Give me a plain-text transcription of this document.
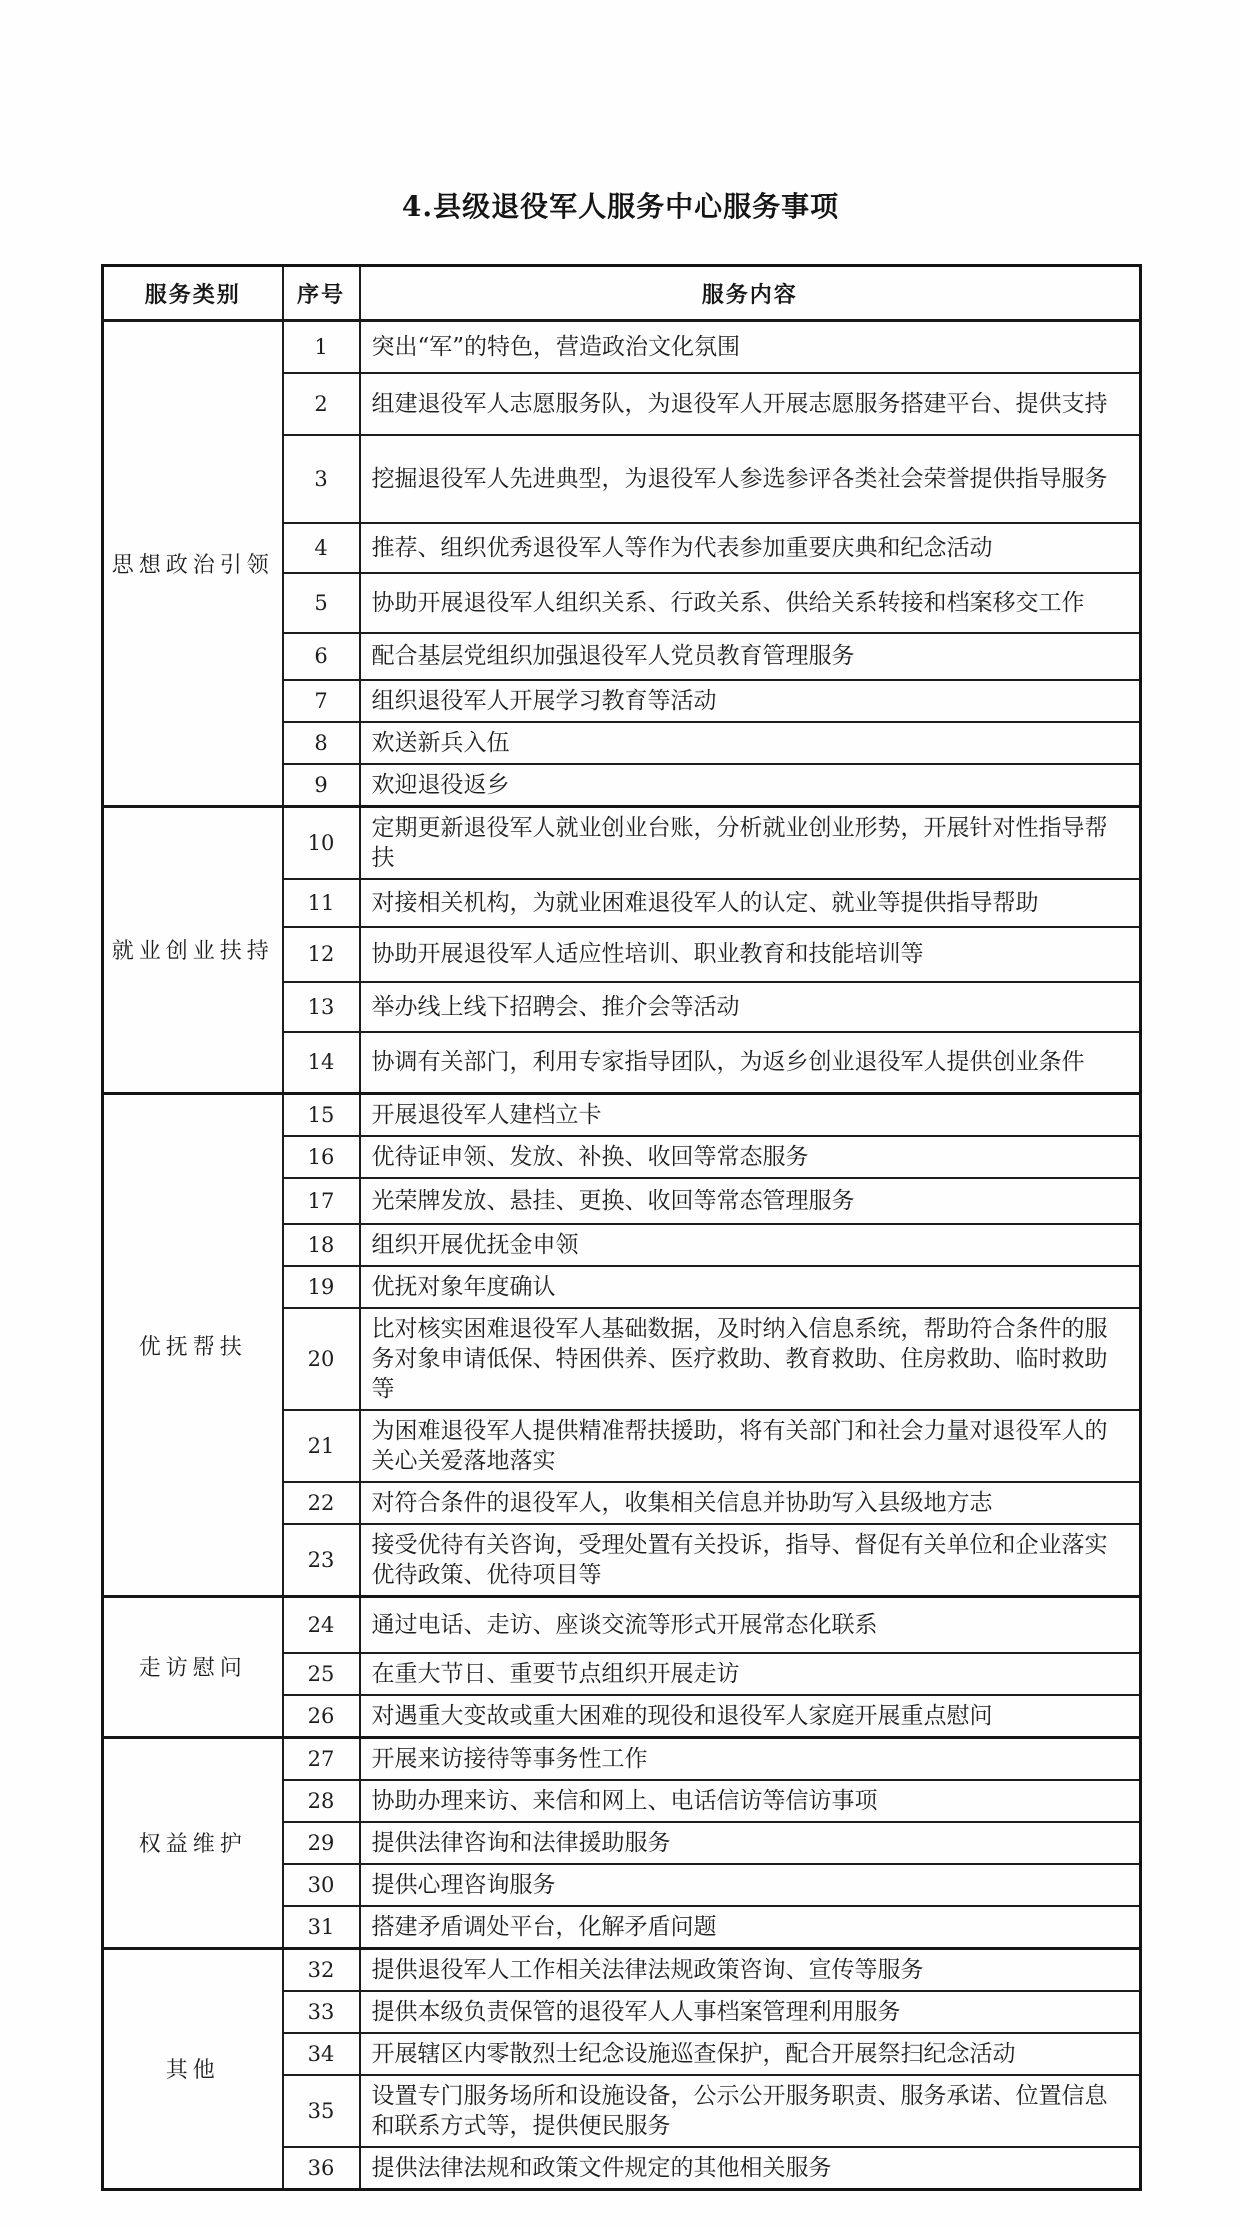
4.县级退役军人服务中心服务事项
服务类别	序号	服务内容
思想政治引领	1	突出“军”的特色，营造政治文化氛围
	2	组建退役军人志愿服务队，为退役军人开展志愿服务搭建平台、提供支持
	3	挖掘退役军人先进典型，为退役军人参选参评各类社会荣誉提供指导服务
	4	推荐、组织优秀退役军人等作为代表参加重要庆典和纪念活动
	5	协助开展退役军人组织关系、行政关系、供给关系转接和档案移交工作
	6	配合基层党组织加强退役军人党员教育管理服务
	7	组织退役军人开展学习教育等活动
	8	欢送新兵入伍
	9	欢迎退役返乡
就业创业扶持	10	定期更新退役军人就业创业台账，分析就业创业形势，开展针对性指导帮扶
	11	对接相关机构，为就业困难退役军人的认定、就业等提供指导帮助
	12	协助开展退役军人适应性培训、职业教育和技能培训等
	13	举办线上线下招聘会、推介会等活动
	14	协调有关部门，利用专家指导团队，为返乡创业退役军人提供创业条件
优抚帮扶	15	开展退役军人建档立卡
	16	优待证申领、发放、补换、收回等常态服务
	17	光荣牌发放、悬挂、更换、收回等常态管理服务
	18	组织开展优抚金申领
	19	优抚对象年度确认
	20	比对核实困难退役军人基础数据，及时纳入信息系统，帮助符合条件的服务对象申请低保、特困供养、医疗救助、教育救助、住房救助、临时救助等
	21	为困难退役军人提供精准帮扶援助，将有关部门和社会力量对退役军人的关心关爱落地落实
	22	对符合条件的退役军人，收集相关信息并协助写入县级地方志
	23	接受优待有关咨询，受理处置有关投诉，指导、督促有关单位和企业落实优待政策、优待项目等
走访慰问	24	通过电话、走访、座谈交流等形式开展常态化联系
	25	在重大节日、重要节点组织开展走访
	26	对遇重大变故或重大困难的现役和退役军人家庭开展重点慰问
权益维护	27	开展来访接待等事务性工作
	28	协助办理来访、来信和网上、电话信访等信访事项
	29	提供法律咨询和法律援助服务
	30	提供心理咨询服务
	31	搭建矛盾调处平台，化解矛盾问题
其他	32	提供退役军人工作相关法律法规政策咨询、宣传等服务
	33	提供本级负责保管的退役军人人事档案管理利用服务
	34	开展辖区内零散烈士纪念设施巡查保护，配合开展祭扫纪念活动
	35	设置专门服务场所和设施设备，公示公开服务职责、服务承诺、位置信息和联系方式等，提供便民服务
	36	提供法律法规和政策文件规定的其他相关服务
